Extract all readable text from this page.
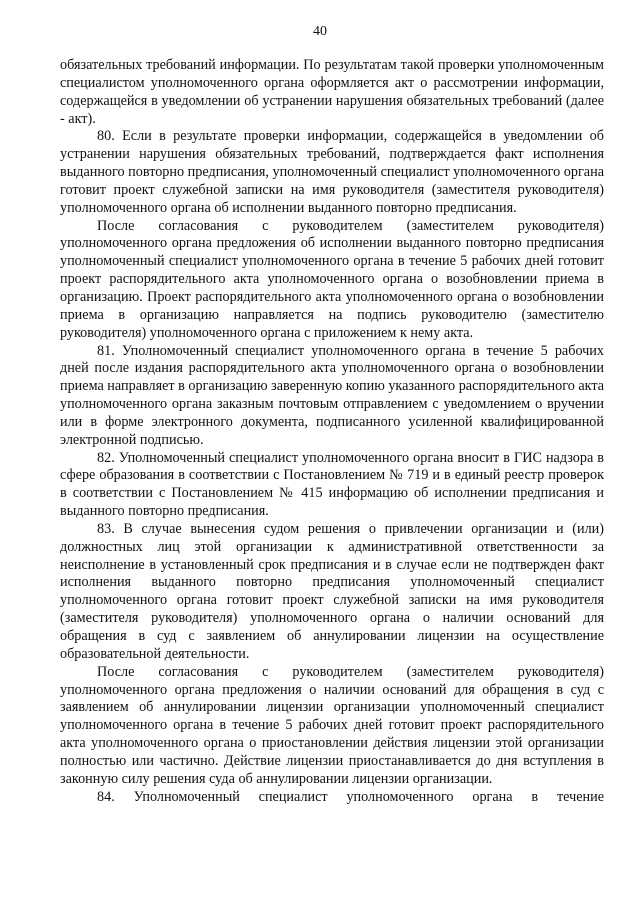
40

обязательных требований информации. По результатам такой проверки уполномоченным специалистом уполномоченного органа оформляется акт о рассмотрении информации, содержащейся в уведомлении об устранении нарушения обязательных требований (далее - акт).

80. Если в результате проверки информации, содержащейся в уведомлении об устранении нарушения обязательных требований, подтверждается факт исполнения выданного повторно предписания, уполномоченный специалист уполномоченного органа готовит проект служебной записки на имя руководителя (заместителя руководителя) уполномоченного органа об исполнении выданного повторно предписания.

После согласования с руководителем (заместителем руководителя) уполномоченного органа предложения об исполнении выданного повторно предписания уполномоченный специалист уполномоченного органа в течение 5 рабочих дней готовит проект распорядительного акта уполномоченного органа о возобновлении приема в организацию. Проект распорядительного акта уполномоченного органа о возобновлении приема в организацию направляется на подпись руководителю (заместителю руководителя) уполномоченного органа с приложением к нему акта.

81. Уполномоченный специалист уполномоченного органа в течение 5 рабочих дней после издания распорядительного акта уполномоченного органа о возобновлении приема направляет в организацию заверенную копию указанного распорядительного акта уполномоченного органа заказным почтовым отправлением с уведомлением о вручении или в форме электронного документа, подписанного усиленной квалифицированной электронной подписью.

82. Уполномоченный специалист уполномоченного органа вносит в ГИС надзора в сфере образования в соответствии с Постановлением № 719 и в единый реестр проверок в соответствии с Постановлением № 415 информацию об исполнении предписания и выданного повторно предписания.

83. В случае вынесения судом решения о привлечении организации и (или) должностных лиц этой организации к административной ответственности за неисполнение в установленный срок предписания и в случае если не подтвержден факт исполнения выданного повторно предписания уполномоченный специалист уполномоченного органа готовит проект служебной записки на имя руководителя (заместителя руководителя) уполномоченного органа о наличии оснований для обращения в суд с заявлением об аннулировании лицензии на осуществление образовательной деятельности.

После согласования с руководителем (заместителем руководителя) уполномоченного органа предложения о наличии оснований для обращения в суд с заявлением об аннулировании лицензии организации уполномоченный специалист уполномоченного органа в течение 5 рабочих дней готовит проект распорядительного акта уполномоченного органа о приостановлении действия лицензии этой организации полностью или частично. Действие лицензии приостанавливается до дня вступления в законную силу решения суда об аннулировании лицензии организации.

84. Уполномоченный специалист уполномоченного органа в течение
